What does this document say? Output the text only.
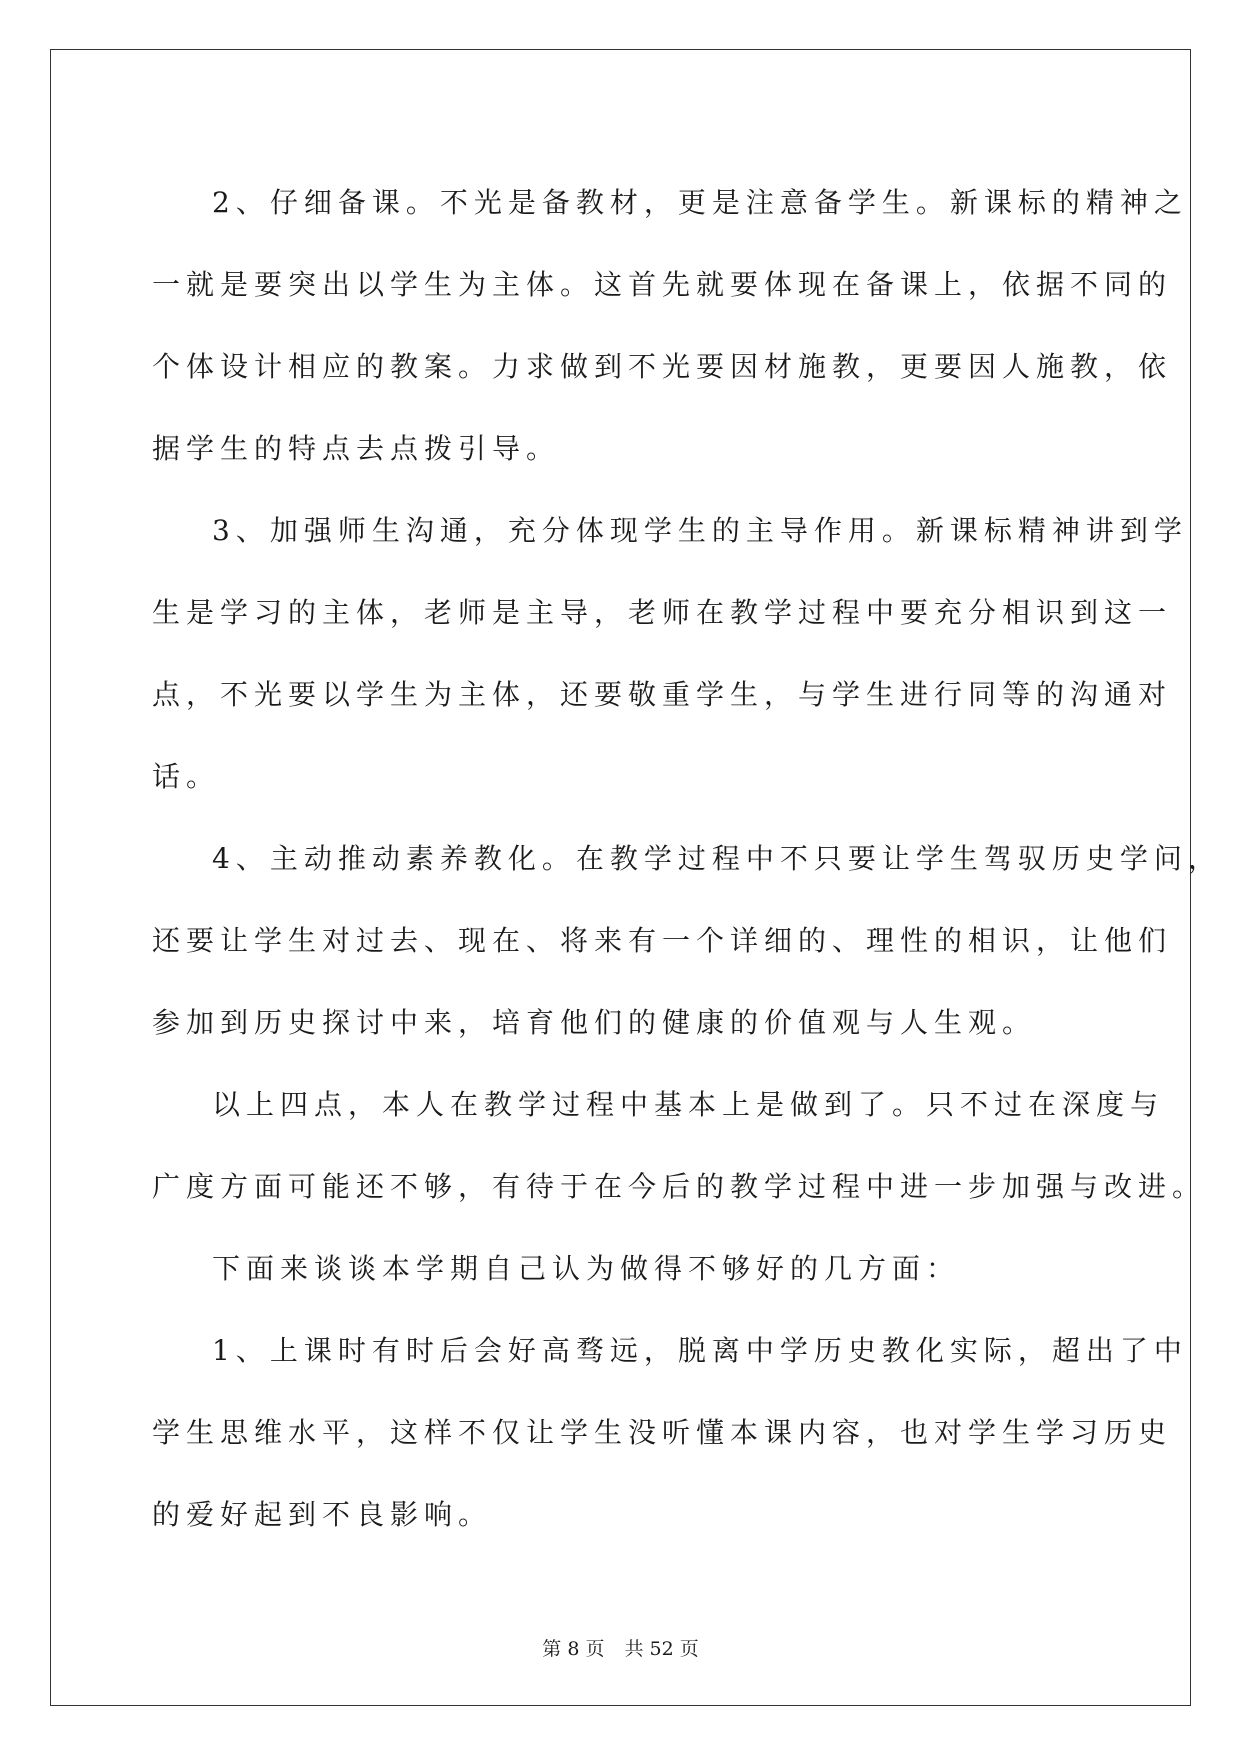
2、仔细备课。不光是备教材，更是注意备学生。新课标的精神之
一就是要突出以学生为主体。这首先就要体现在备课上，依据不同的
个体设计相应的教案。力求做到不光要因材施教，更要因人施教，依
据学生的特点去点拨引导。
3、加强师生沟通，充分体现学生的主导作用。新课标精神讲到学
生是学习的主体，老师是主导，老师在教学过程中要充分相识到这一
点，不光要以学生为主体，还要敬重学生，与学生进行同等的沟通对
话。
4、主动推动素养教化。在教学过程中不只要让学生驾驭历史学问，
还要让学生对过去、现在、将来有一个详细的、理性的相识，让他们
参加到历史探讨中来，培育他们的健康的价值观与人生观。
以上四点，本人在教学过程中基本上是做到了。只不过在深度与
广度方面可能还不够，有待于在今后的教学过程中进一步加强与改进。
下面来谈谈本学期自己认为做得不够好的几方面：
1、上课时有时后会好高骛远，脱离中学历史教化实际，超出了中
学生思维水平，这样不仅让学生没听懂本课内容，也对学生学习历史
的爱好起到不良影响。
第 8 页 共 52 页
